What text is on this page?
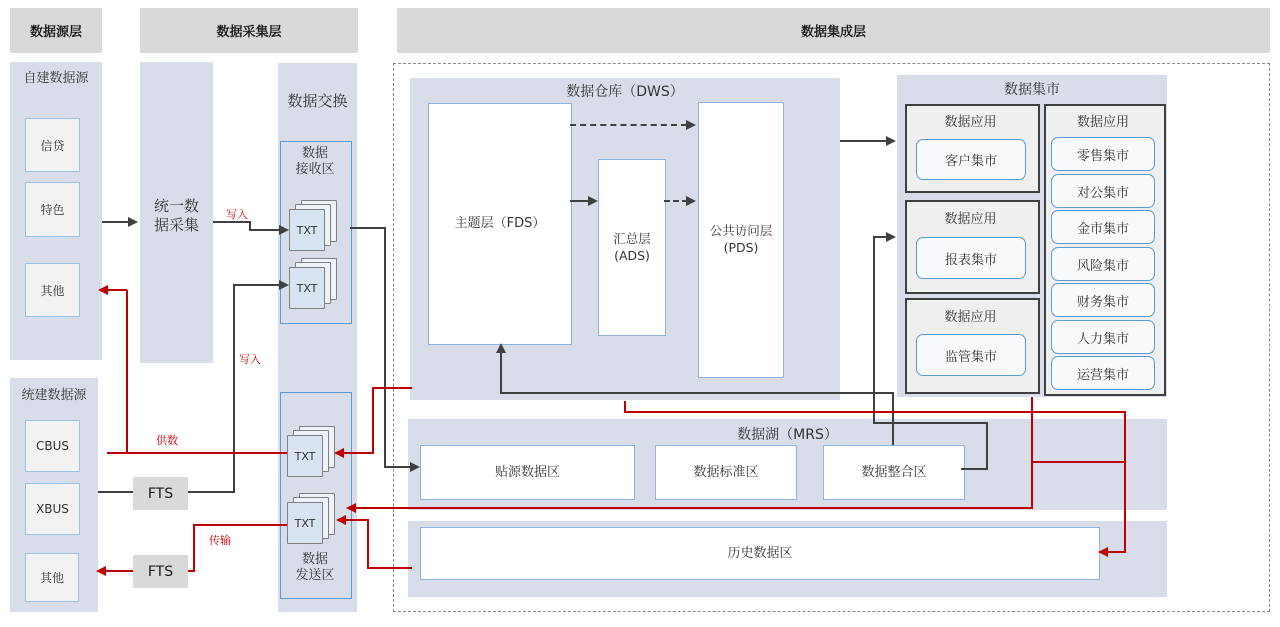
数据源层	数据采集层	数据集成层
自建数据源
信贷
特色
其他
统建数据源
CBUS
XBUS
其他
统一数
据采集
数据交换
数据
接收区
TXT
TXT
TXT
TXT
数据
发送区
数据仓库（DWS）
主题层（FDS）
汇总层
(ADS)
公共访问层
(PDS)
数据集市
数据应用
客户集市
数据应用
报表集市
数据应用
监管集市
数据应用
零售集市
对公集市
金市集市
风险集市
财务集市
人力集市
运营集市
数据湖（MRS）
贴源数据区	数据标准区	数据整合区
历史数据区
FTS
FTS
写入
写入
供数
传输
